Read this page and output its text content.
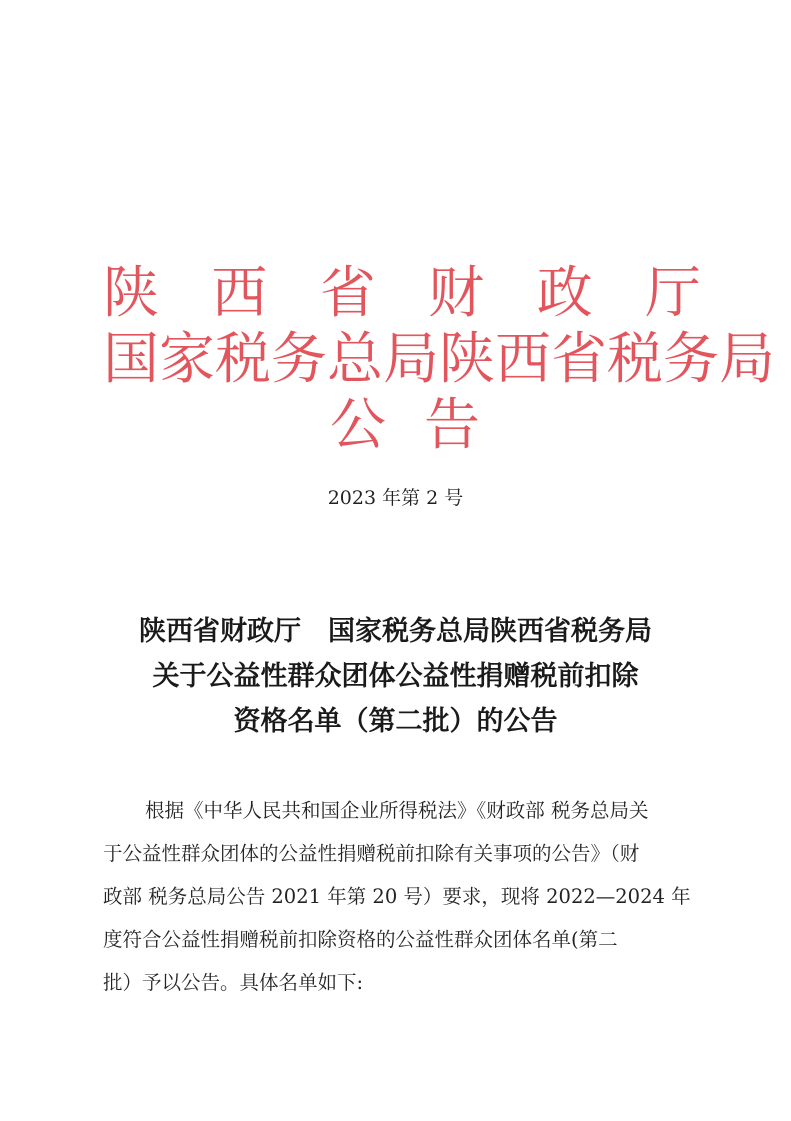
陕 西 省 财 政 厅
国 家 税 务 总 局 陕 西 省 税 务 局
公 告
2023 年第 2 号
陕西省财政厅　国家税务总局陕西省税务局
关于公益性群众团体公益性捐赠税前扣除
资格名单（第二批）的公告
根据《中华人民共和国企业所得税法》《财政部 税务总局关
于公益性群众团体的公益性捐赠税前扣除有关事项的公告》（财
政部 税务总局公告 2021 年第 20 号）要求，现将 2022—2024 年
度符合公益性捐赠税前扣除资格的公益性群众团体名单(第二
批）予以公告。具体名单如下:
